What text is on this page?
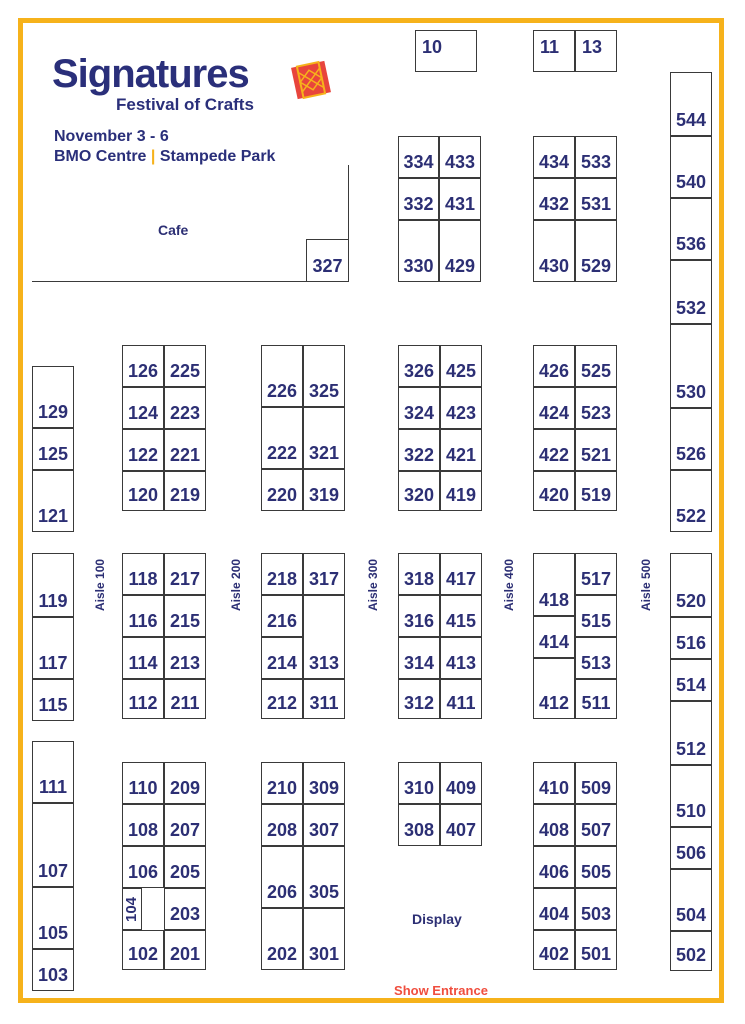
Signatures
Festival of Crafts
November 3 - 6
BMO Centre | Stampede Park
Cafe
10	11	13
544
540
536
532
530
526
522
520
516
514
512
510
506
504
502
334 433
332 431
330 429
327
434 533
432 531
430 529
129
125
121
119
117
115
111
107
105
103
126 225
124 223
122 221
120 219
226 325
222 321
220 319
326 425
324 423
322 421
320 419
426 525
424 523
422 521
420 519
Aisle 100	Aisle 200	Aisle 300	Aisle 400	Aisle 500
118 217
116 215
114 213
112 211
218 317
216
214 313
212 311
318 417
316 415
314 413
312 411
418
414
412
517
515
513
511
110 209
108 207
106 205
104	203
102 201
210 309
208 307
206 305
202 301
310 409
308 407
Display
410 509
408 507
406 505
404 503
402 501
Show Entrance
